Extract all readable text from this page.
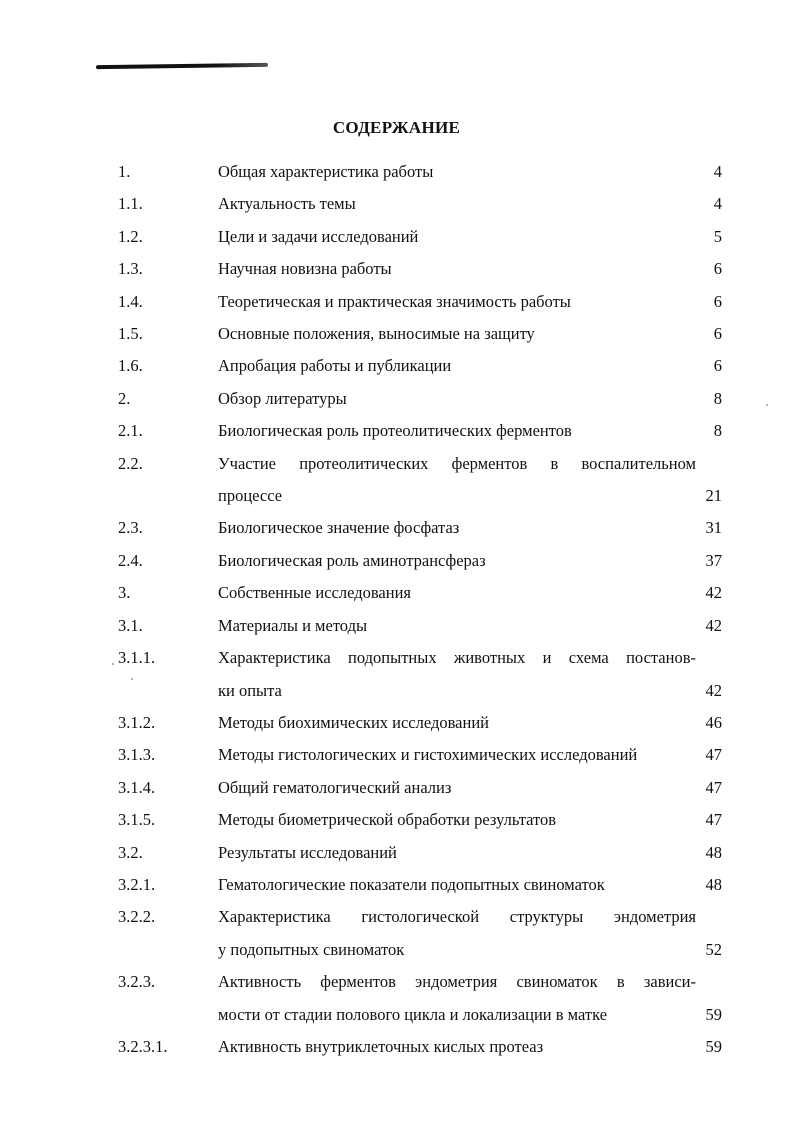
СОДЕРЖАНИЕ
1.	Общая характеристика работы	4
1.1.	Актуальность темы	4
1.2.	Цели и задачи исследований	5
1.3.	Научная новизна работы	6
1.4.	Теоретическая и практическая значимость работы	6
1.5.	Основные положения, выносимые на защиту	6
1.6.	Апробация работы и публикации	6
2.	Обзор литературы	8
2.1.	Биологическая роль протеолитических ферментов	8
2.2.	Участие протеолитических ферментов в воспалительном
процессе	21
2.3.	Биологическое значение фосфатаз	31
2.4.	Биологическая роль аминотрансфераз	37
3.	Собственные исследования	42
3.1.	Материалы и методы	42
3.1.1.	Характеристика подопытных животных и схема постанов-
ки опыта	42
3.1.2.	Методы биохимических исследований	46
3.1.3.	Методы гистологических и гистохимических исследований	47
3.1.4.	Общий гематологический анализ	47
3.1.5.	Методы биометрической обработки результатов	47
3.2.	Результаты исследований	48
3.2.1.	Гематологические показатели подопытных свиноматок	48
3.2.2.	Характеристика гистологической структуры эндометрия
у подопытных свиноматок	52
3.2.3.	Активность ферментов эндометрия свиноматок в зависи-
мости от стадии полового цикла и локализации в матке	59
3.2.3.1.	Активность внутриклеточных кислых протеаз	59
